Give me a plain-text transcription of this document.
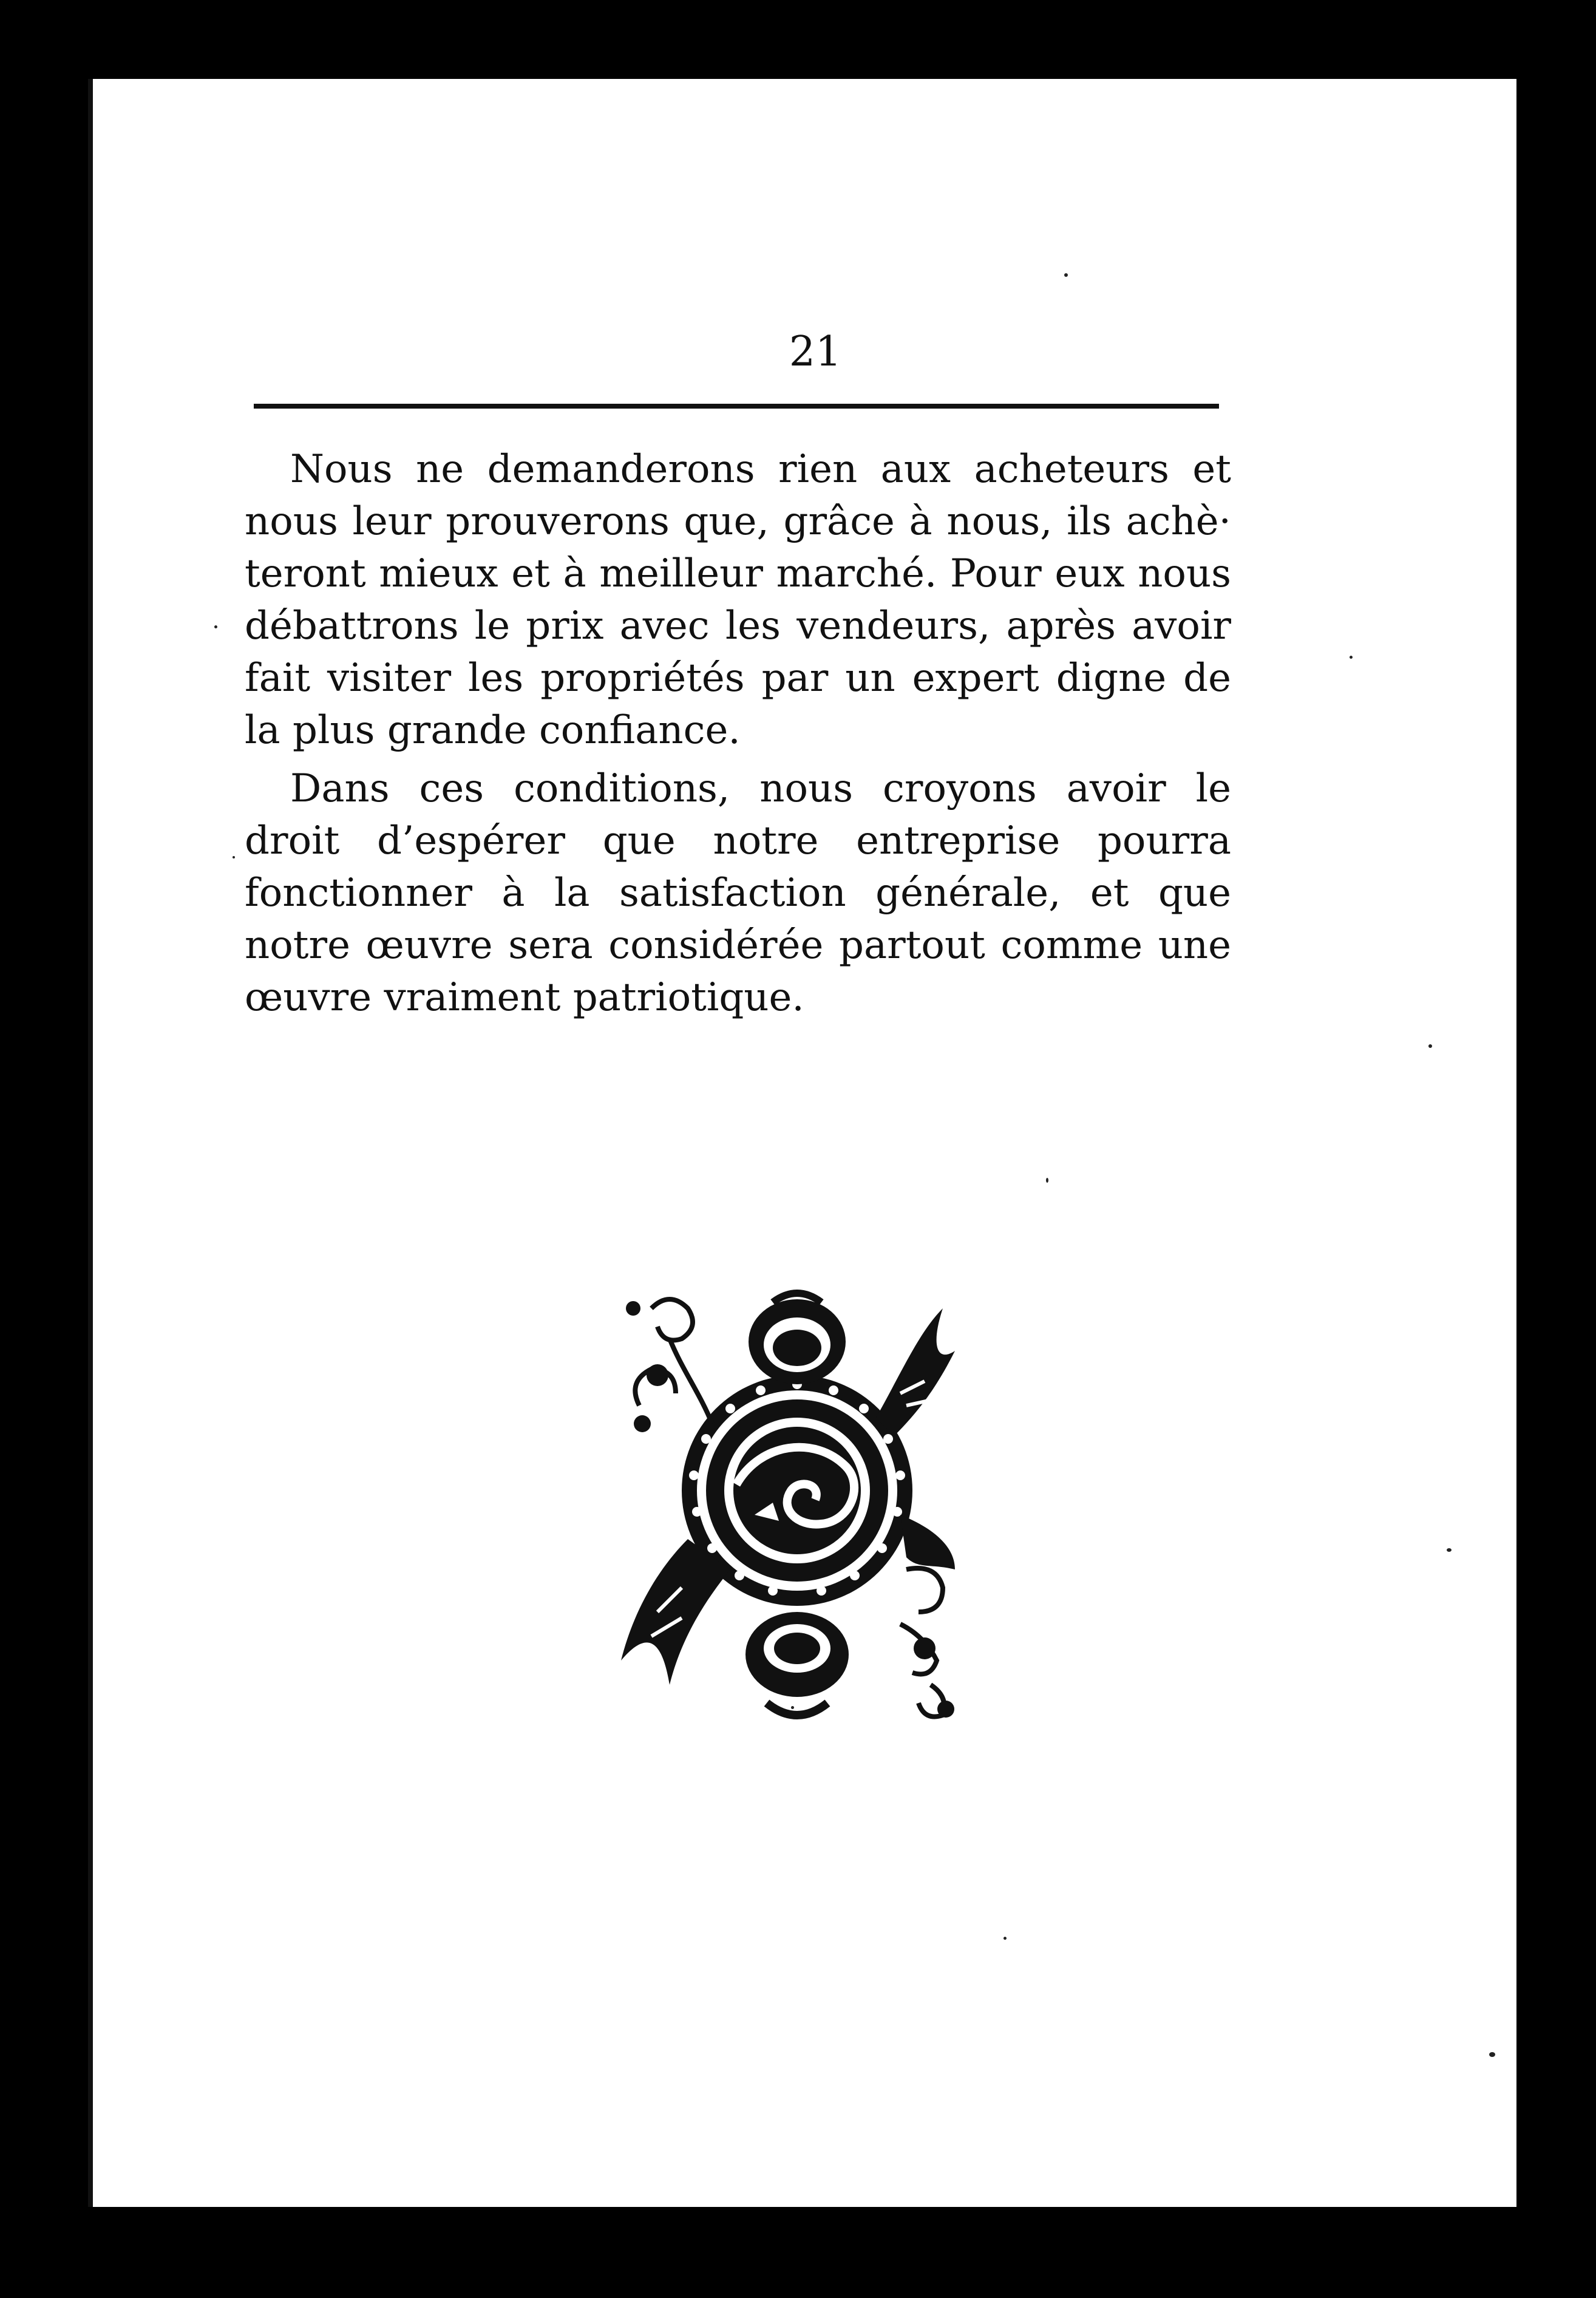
21

Nous ne demanderons rien aux acheteurs et nous leur prouverons que, grâce à nous, ils achè· teront mieux et à meilleur marché. Pour eux nous débattrons le prix avec les vendeurs, après avoir fait visiter les propriétés par un expert digne de la plus grande confiance.

Dans ces conditions, nous croyons avoir le droit d’espérer que notre entreprise pourra fonctionner à la satisfaction générale, et que notre œuvre sera considérée partout comme une œuvre vraiment patriotique.
